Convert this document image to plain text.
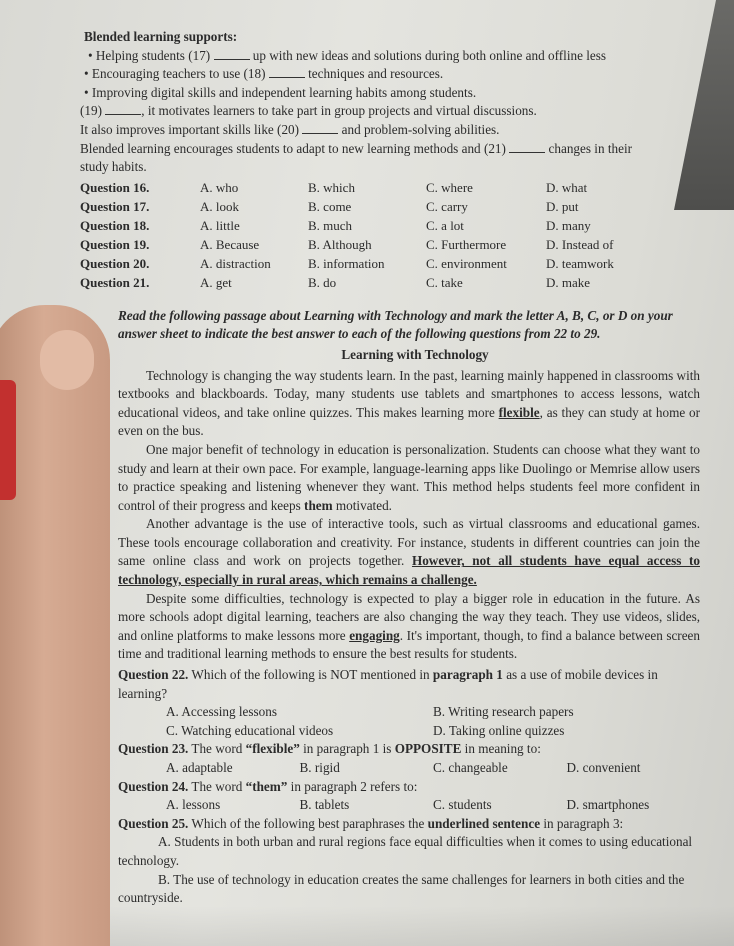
Blended learning supports:
• Helping students (17)	up with new ideas and solutions during both online and offline less
• Encouraging teachers to use (18)	techniques and resources.
• Improving digital skills and independent learning habits among students.
(19)	, it motivates learners to take part in group projects and virtual discussions.
It also improves important skills like (20)	and problem-solving abilities.
Blended learning encourages students to adapt to new learning methods and (21)	changes in their
study habits.
Question 16.	A. who	B. which	C. where	D. what
Question 17.	A. look	B. come	C. carry	D. put
Question 18.	A. little	B. much	C. a lot	D. many
Question 19.	A. Because	B. Although	C. Furthermore	D. Instead of
Question 20.	A. distraction	B. information	C. environment	D. teamwork
Question 21.	A. get	B. do	C. take	D. make
Read the following passage about Learning with Technology and mark the letter A, B, C, or D on your answer sheet to indicate the best answer to each of the following questions from 22 to 29.
Learning with Technology
Technology is changing the way students learn. In the past, learning mainly happened in classrooms with textbooks and blackboards. Today, many students use tablets and smartphones to access lessons, watch educational videos, and take online quizzes. This makes learning more flexible, as they can study at home or even on the bus.
One major benefit of technology in education is personalization. Students can choose what they want to study and learn at their own pace. For example, language-learning apps like Duolingo or Memrise allow users to practice speaking and listening whenever they want. This method helps students feel more confident in control of their progress and keeps them motivated.
Another advantage is the use of interactive tools, such as virtual classrooms and educational games. These tools encourage collaboration and creativity. For instance, students in different countries can join the same online class and work on projects together. However, not all students have equal access to technology, especially in rural areas, which remains a challenge.
Despite some difficulties, technology is expected to play a bigger role in education in the future. As more schools adopt digital learning, teachers are also changing the way they teach. They use videos, slides, and online platforms to make lessons more engaging. It's important, though, to find a balance between screen time and traditional learning methods to ensure the best results for students.
Question 22. Which of the following is NOT mentioned in paragraph 1 as a use of mobile devices in learning?
A. Accessing lessons	B. Writing research papers
C. Watching educational videos	D. Taking online quizzes
Question 23. The word “flexible” in paragraph 1 is OPPOSITE in meaning to:
A. adaptable	B. rigid	C. changeable	D. convenient
Question 24. The word “them” in paragraph 2 refers to:
A. lessons	B. tablets	C. students	D. smartphones
Question 25. Which of the following best paraphrases the underlined sentence in paragraph 3:
A. Students in both urban and rural regions face equal difficulties when it comes to using educational technology.
B. The use of technology in education creates the same challenges for learners in both cities and the countryside.
